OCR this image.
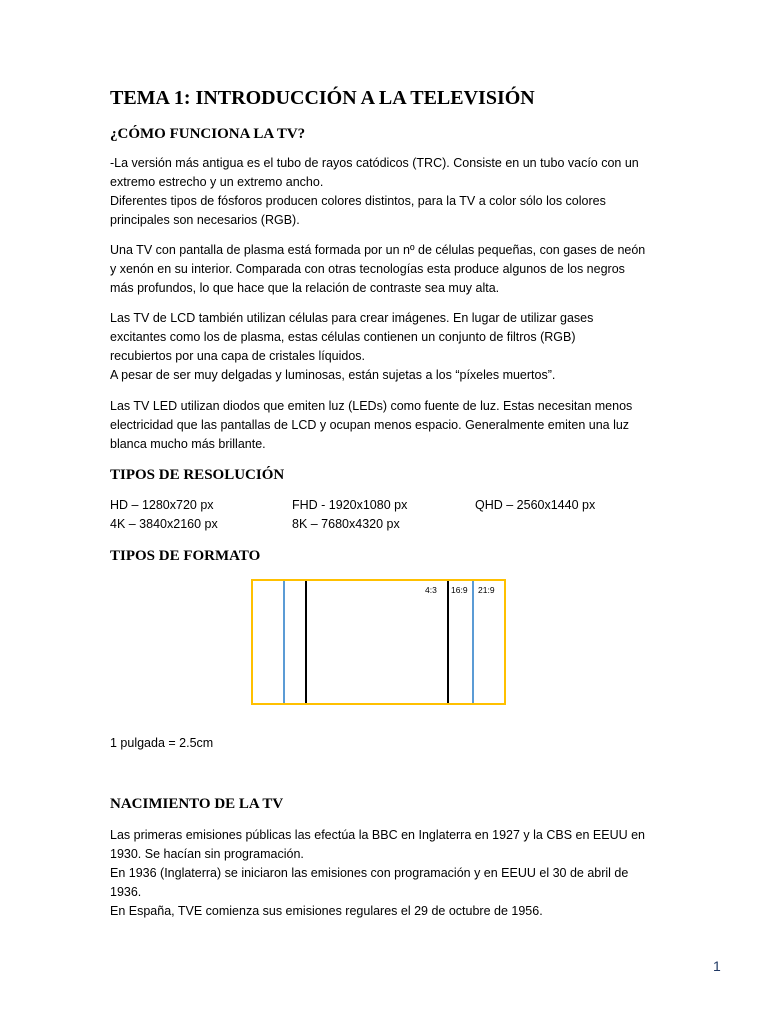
TEMA 1: INTRODUCCIÓN A LA TELEVISIÓN
¿CÓMO FUNCIONA LA TV?
-La versión más antigua es el tubo de rayos catódicos (TRC). Consiste en un tubo vacío con un
extremo estrecho y un extremo ancho.
Diferentes tipos de fósforos producen colores distintos, para la TV a color sólo los colores
principales son necesarios (RGB).
Una TV con pantalla de plasma está formada por un nº de células pequeñas, con gases de neón
y xenón en su interior. Comparada con otras tecnologías esta produce algunos de los negros
más profundos, lo que hace que la relación de contraste sea muy alta.
Las TV de LCD también utilizan células para crear imágenes. En lugar de utilizar gases
excitantes como los de plasma, estas células contienen un conjunto de filtros (RGB)
recubiertos por una capa de cristales líquidos.
A pesar de ser muy delgadas y luminosas, están sujetas a los “píxeles muertos”.
Las TV LED utilizan diodos que emiten luz (LEDs) como fuente de luz. Estas necesitan menos
electricidad que las pantallas de LCD y ocupan menos espacio. Generalmente emiten una luz
blanca mucho más brillante.
TIPOS DE RESOLUCIÓN
HD – 1280x720 px	FHD - 1920x1080 px	QHD – 2560x1440 px
4K – 3840x2160 px	8K – 7680x4320 px
TIPOS DE FORMATO
4:3 16:9 21:9
1 pulgada = 2.5cm
NACIMIENTO DE LA TV
Las primeras emisiones públicas las efectúa la BBC en Inglaterra en 1927 y la CBS en EEUU en
1930. Se hacían sin programación.
En 1936 (Inglaterra) se iniciaron las emisiones con programación y en EEUU el 30 de abril de
1936.
En España, TVE comienza sus emisiones regulares el 29 de octubre de 1956.
1
